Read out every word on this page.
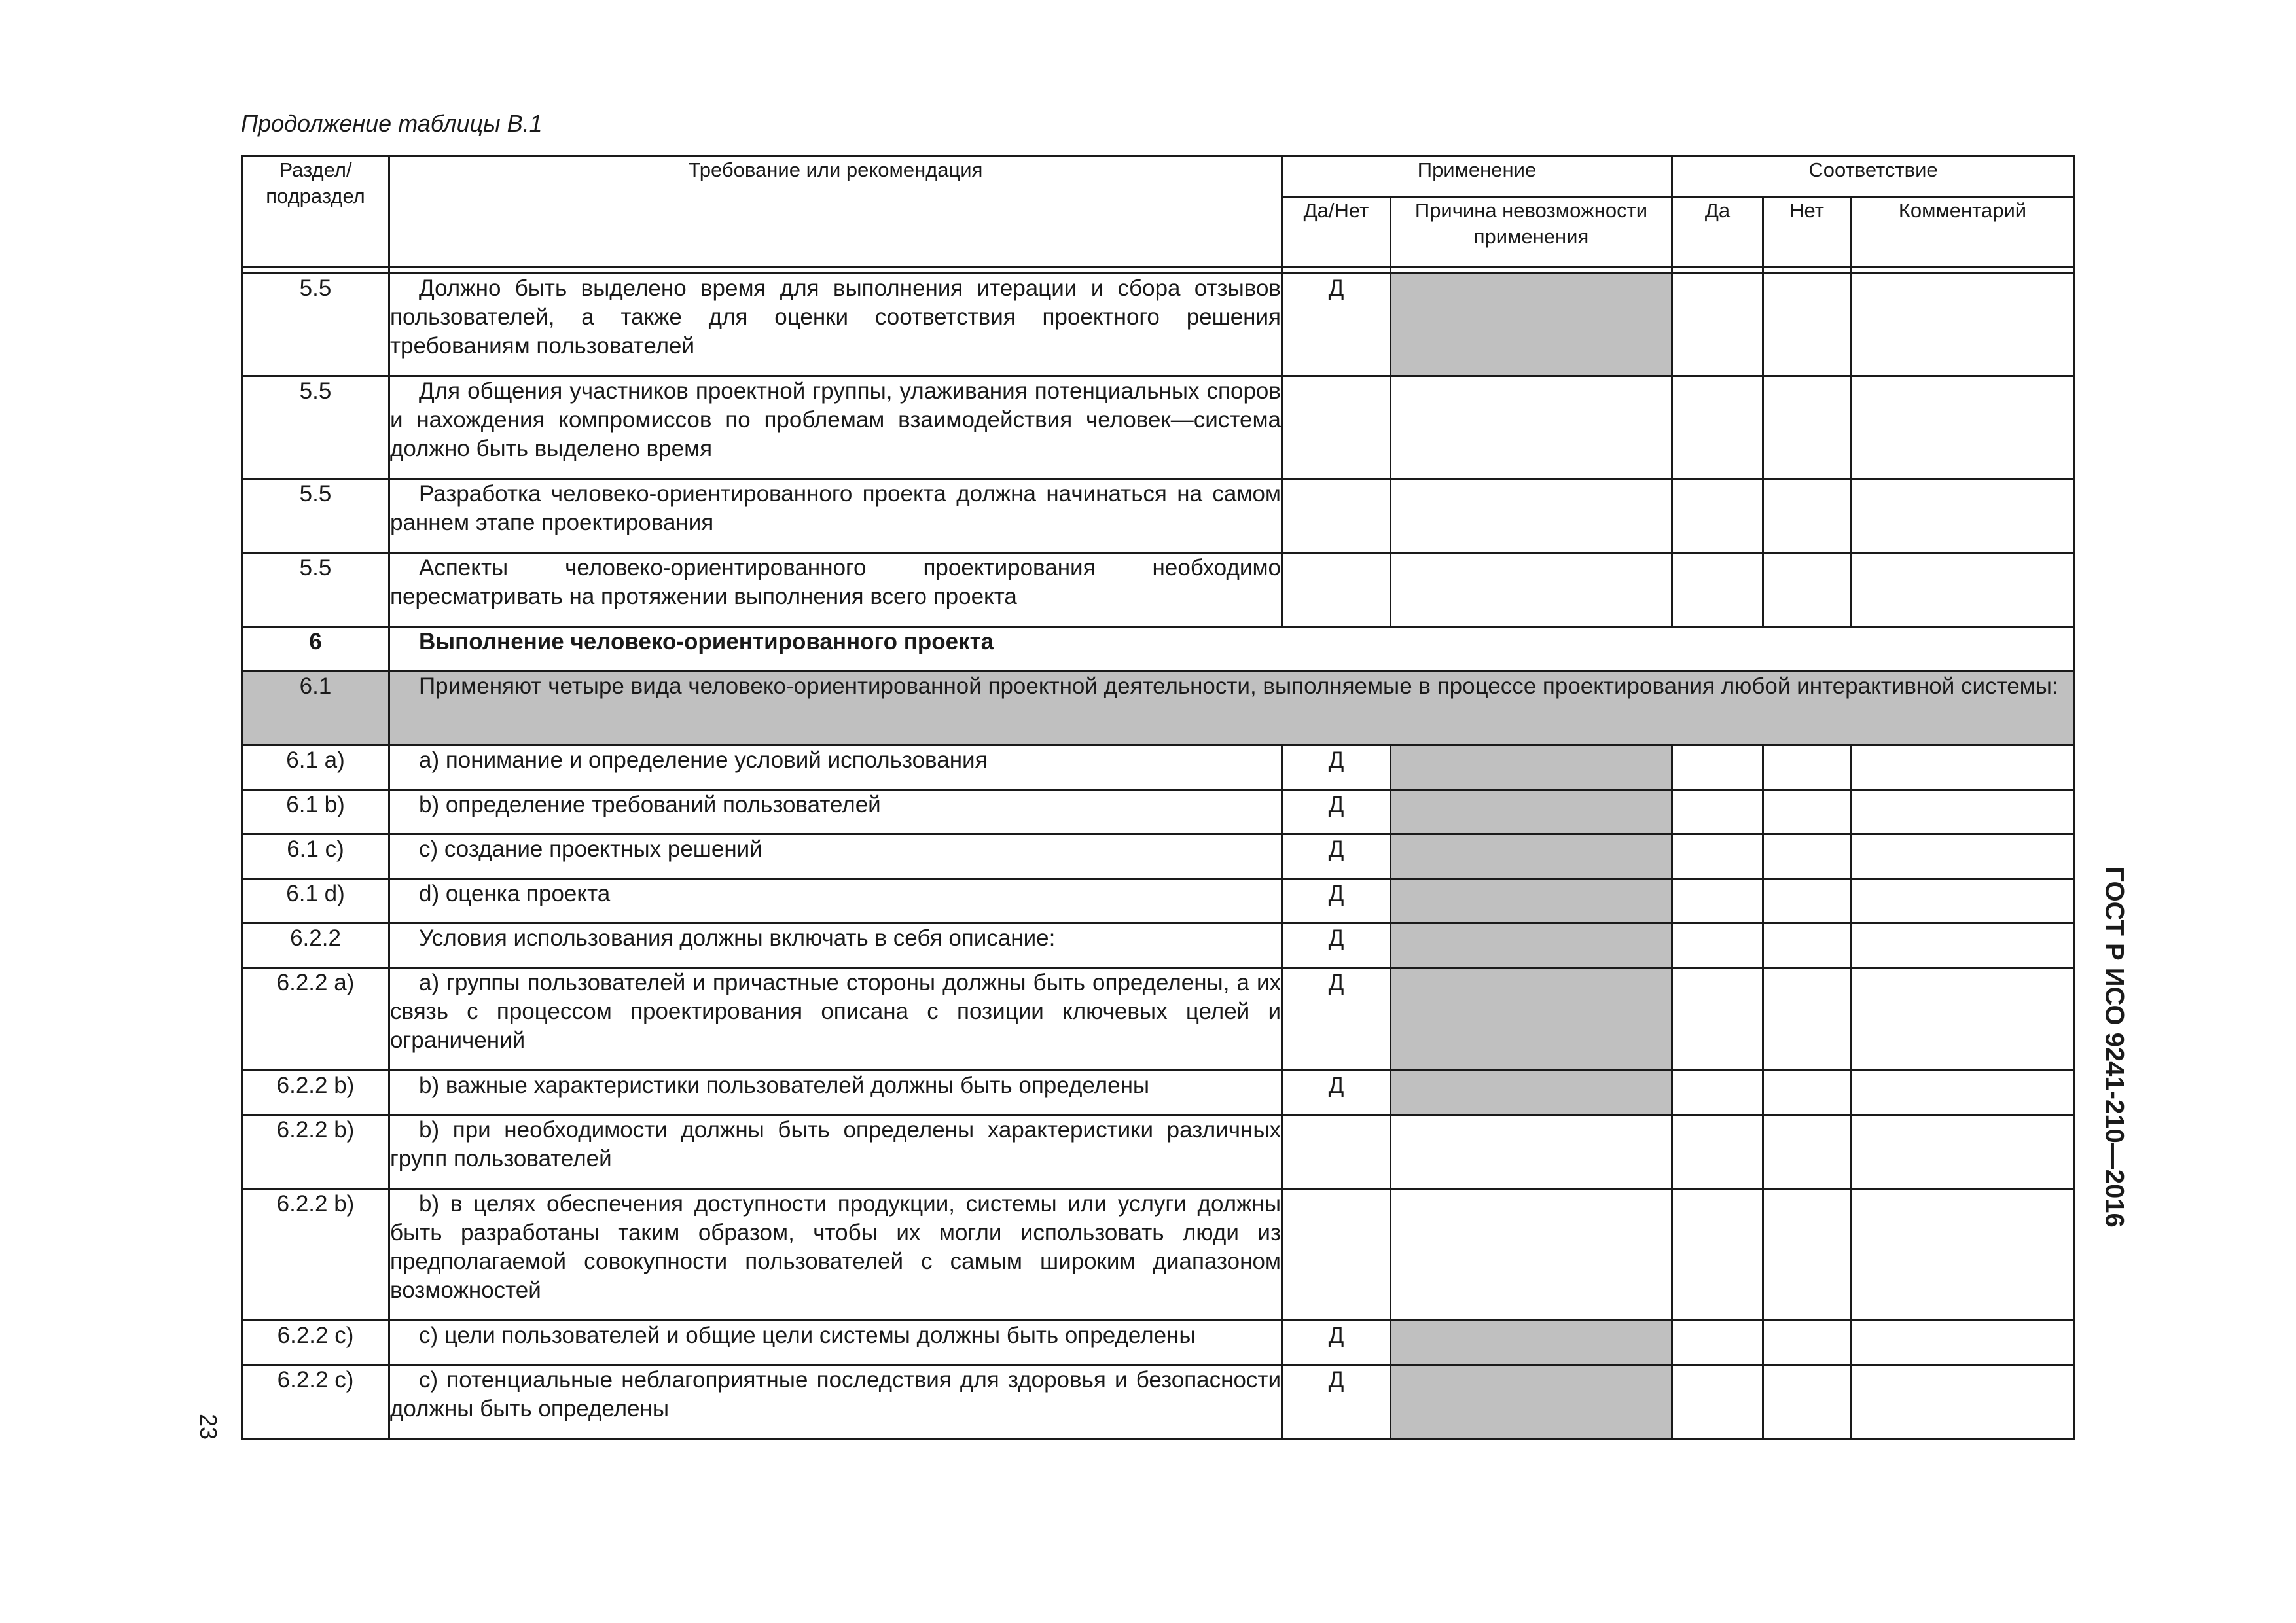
Продолжение таблицы В.1
Раздел/
подраздел	Требование или рекомендация	Применение		Соответствие		
		Да/Нет	Причина невозможности применения	Да	Нет	Комментарий

5.5	Должно быть выделено время для выполнения итерации и сбора отзывов пользователей, а также для оценки соответствия проектного решения требованиям пользователей	Д				
5.5	Для общения участников проектной группы, улаживания потенциальных споров и нахождения компромиссов по проблемам взаимодействия человек—система должно быть выделено время					

5.5	Разработка человеко-ориентированного проекта должна начинаться на самом раннем этапе проектирования					

5.5	Аспекты человеко-ориентированного проектирования необходимо пересматривать на протяжении выполнения всего проекта					

6	Выполнение человеко-ориентированного проекта					

6.1	Применяют четыре вида человеко-ориентированной проектной деятельности, выполняемые в процессе проектирования любой интерактивной системы:					

6.1 a)	a) понимание и определение условий использования	Д				
6.1 b)	b) определение требований пользователей	Д				
6.1 c)	c) создание проектных решений	Д				
6.1 d)	d) оценка проекта	Д				
6.2.2	Условия использования должны включать в себя описание:	Д				
6.2.2 a)	a) группы пользователей и причастные стороны должны быть определены, а их связь с процессом проектирования описана с позиции ключевых целей и ограничений	Д				
6.2.2 b)	b) важные характеристики пользователей должны быть определены	Д				
6.2.2 b)	b) при необходимости должны быть определены характеристики различных групп пользователей					

6.2.2 b)	b) в целях обеспечения доступности продукции, системы или услуги должны быть разработаны таким образом, чтобы их могли использовать люди из предполагаемой совокупности пользователей с самым широким диапазоном возможностей					

6.2.2 c)	c) цели пользователей и общие цели системы должны быть определены	Д				
6.2.2 c)	c) потенциальные неблагоприятные последствия для здоровья и безопасности должны быть определены	Д				
ГОСТ Р ИСО 9241-210—2016
23
